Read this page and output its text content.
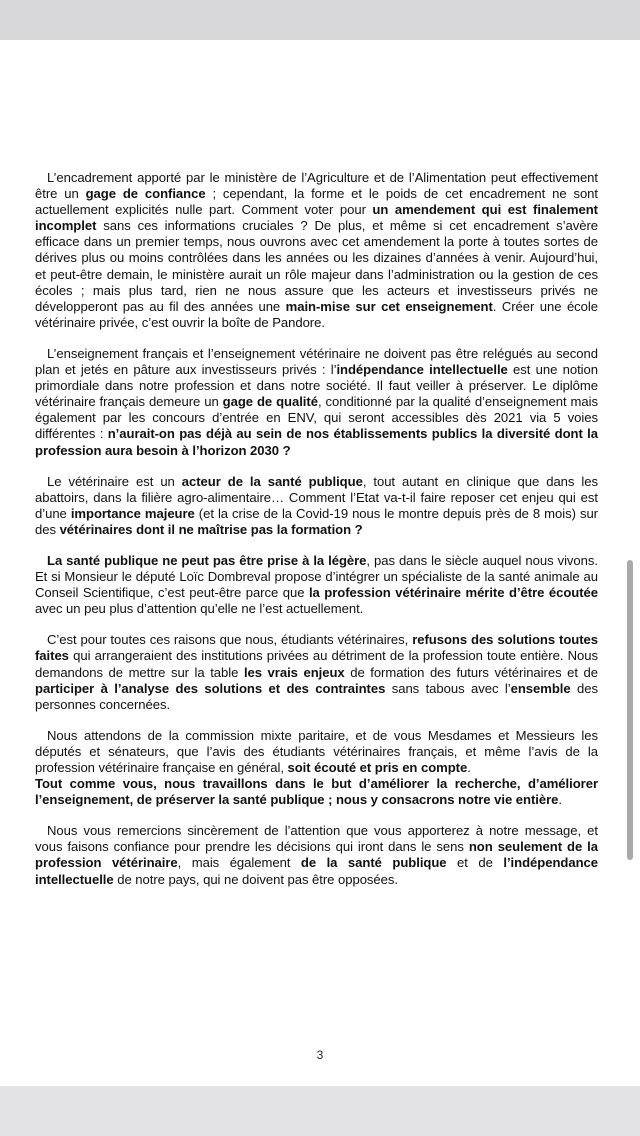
L’encadrement apporté par le ministère de l’Agriculture et de l’Alimentation peut effectivement être un gage de confiance ; cependant, la forme et le poids de cet encadrement ne sont actuellement explicités nulle part. Comment voter pour un amendement qui est finalement incomplet sans ces informations cruciales ? De plus, et même si cet encadrement s’avère efficace dans un premier temps, nous ouvrons avec cet amendement la porte à toutes sortes de dérives plus ou moins contrôlées dans les années ou les dizaines d’années à venir. Aujourd’hui, et peut-être demain, le ministère aurait un rôle majeur dans l’administration ou la gestion de ces écoles ; mais plus tard, rien ne nous assure que les acteurs et investisseurs privés ne développeront pas au fil des années une main-mise sur cet enseignement. Créer une école vétérinaire privée, c’est ouvrir la boîte de Pandore.

L’enseignement français et l’enseignement vétérinaire ne doivent pas être relégués au second plan et jetés en pâture aux investisseurs privés : l’indépendance intellectuelle est une notion primordiale dans notre profession et dans notre société. Il faut veiller à préserver. Le diplôme vétérinaire français demeure un gage de qualité, conditionné par la qualité d’enseignement mais également par les concours d’entrée en ENV, qui seront accessibles dès 2021 via 5 voies différentes : n’aurait-on pas déjà au sein de nos établissements publics la diversité dont la profession aura besoin à l’horizon 2030 ?

Le vétérinaire est un acteur de la santé publique, tout autant en clinique que dans les abattoirs, dans la filière agro-alimentaire… Comment l’Etat va-t-il faire reposer cet enjeu qui est d’une importance majeure (et la crise de la Covid-19 nous le montre depuis près de 8 mois) sur des vétérinaires dont il ne maîtrise pas la formation ?

La santé publique ne peut pas être prise à la légère, pas dans le siècle auquel nous vivons. Et si Monsieur le député Loïc Dombreval propose d’intégrer un spécialiste de la santé animale au Conseil Scientifique, c’est peut-être parce que la profession vétérinaire mérite d’être écoutée avec un peu plus d’attention qu’elle ne l’est actuellement.

C’est pour toutes ces raisons que nous, étudiants vétérinaires, refusons des solutions toutes faites qui arrangeraient des institutions privées au détriment de la profession toute entière. Nous demandons de mettre sur la table les vrais enjeux de formation des futurs vétérinaires et de participer à l’analyse des solutions et des contraintes sans tabous avec l’ensemble des personnes concernées.

Nous attendons de la commission mixte paritaire, et de vous Mesdames et Messieurs les députés et sénateurs, que l’avis des étudiants vétérinaires français, et même l’avis de la profession vétérinaire française en général, soit écouté et pris en compte.
Tout comme vous, nous travaillons dans le but d’améliorer la recherche, d’améliorer l’enseignement, de préserver la santé publique ; nous y consacrons notre vie entière.

Nous vous remercions sincèrement de l’attention que vous apporterez à notre message, et vous faisons confiance pour prendre les décisions qui iront dans le sens non seulement de la profession vétérinaire, mais également de la santé publique et de l’indépendance intellectuelle de notre pays, qui ne doivent pas être opposées.

3
